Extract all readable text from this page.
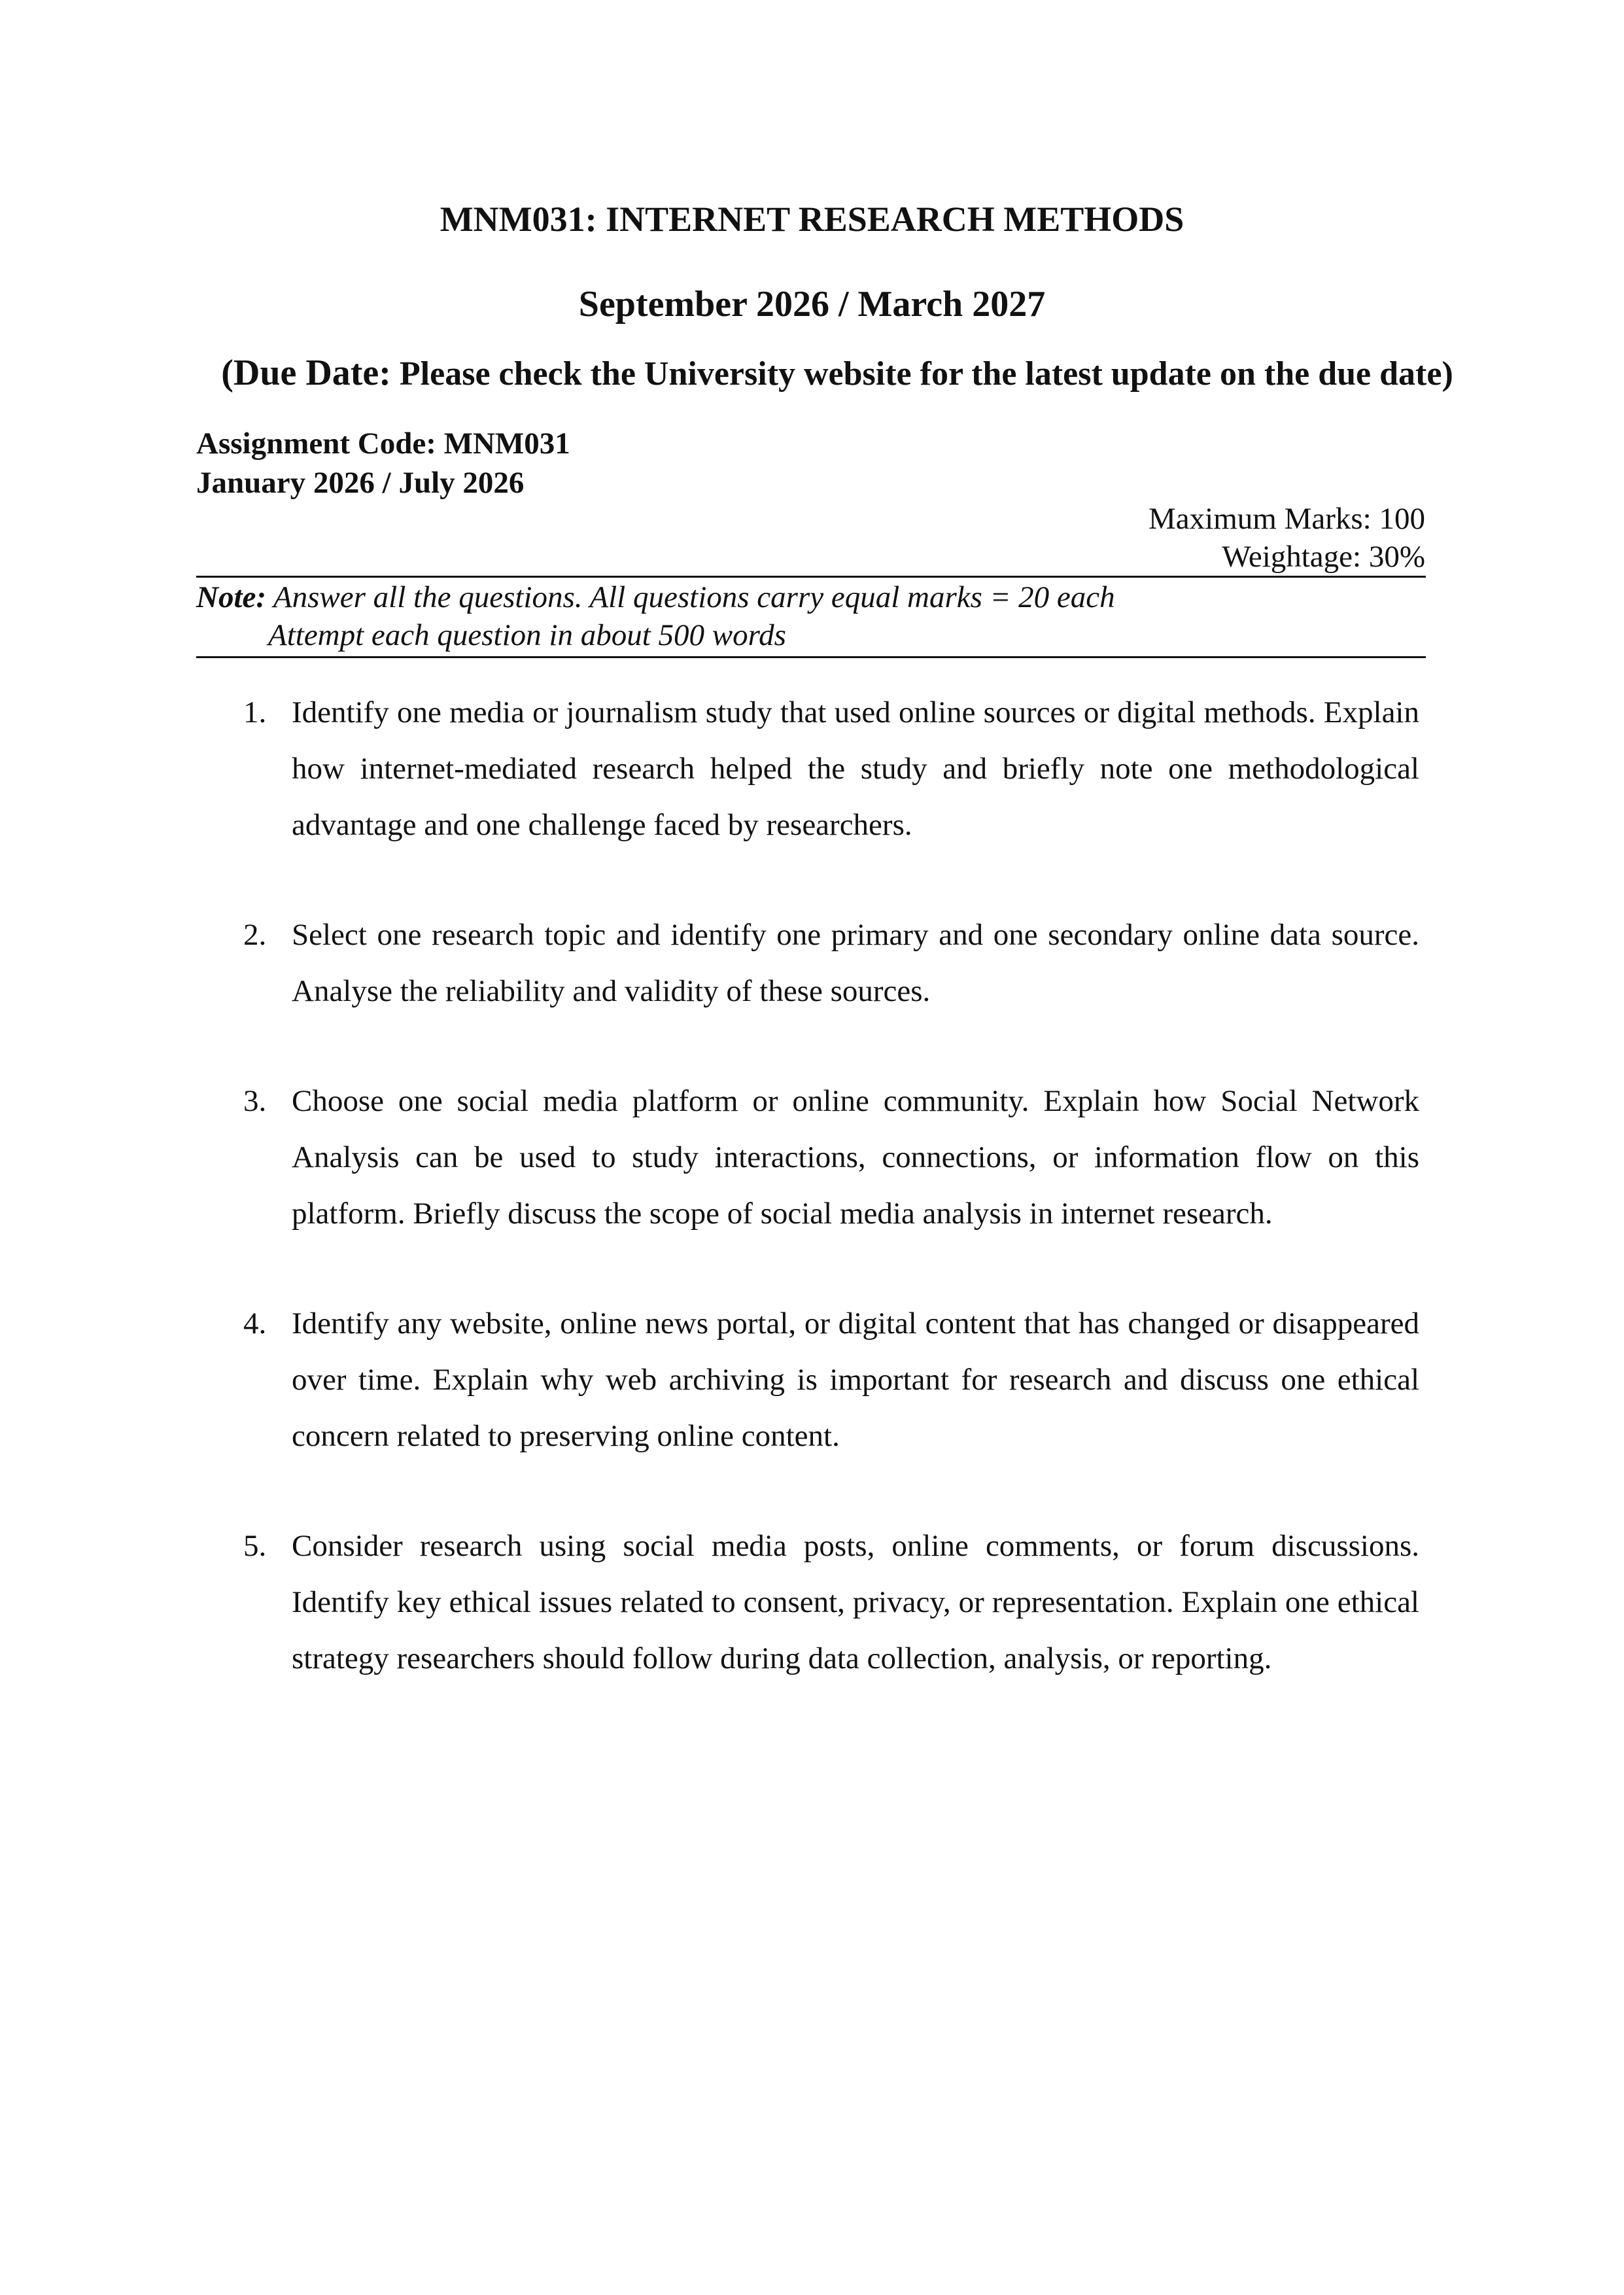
MNM031: INTERNET RESEARCH METHODS
September 2026 / March 2027
(Due Date: Please check the University website for the latest update on the due date)
Assignment Code: MNM031
January 2026 / July 2026
Maximum Marks: 100
Weightage: 30%
Note: Answer all the questions. All questions carry equal marks = 20 each
Attempt each question in about 500 words
1. Identify one media or journalism study that used online sources or digital methods. Explain how internet-mediated research helped the study and briefly note one methodological advantage and one challenge faced by researchers.
2. Select one research topic and identify one primary and one secondary online data source. Analyse the reliability and validity of these sources.
3. Choose one social media platform or online community. Explain how Social Network Analysis can be used to study interactions, connections, or information flow on this platform. Briefly discuss the scope of social media analysis in internet research.
4. Identify any website, online news portal, or digital content that has changed or disappeared over time. Explain why web archiving is important for research and discuss one ethical concern related to preserving online content.
5. Consider research using social media posts, online comments, or forum discussions. Identify key ethical issues related to consent, privacy, or representation. Explain one ethical strategy researchers should follow during data collection, analysis, or reporting.
